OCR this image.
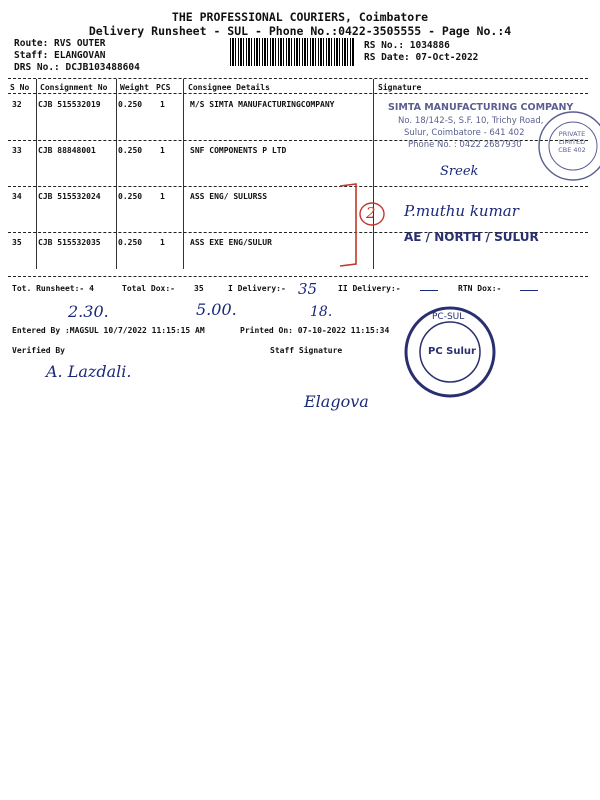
THE PROFESSIONAL COURIERS, Coimbatore
Delivery Runsheet - SUL - Phone No.:0422-3505555 - Page No.:4
Route: RVS OUTER
Staff: ELANGOVAN
DRS No.: DCJB103488604
RS No.: 1034886
RS Date: 07-Oct-2022
S No Consignment No Weight PCS Consignee Details	Signature
32 CJB 515532019 0.250 1	M/S SIMTA MANUFACTURINGCOMPANY
33 CJB 88848001	0.250 1	SNF COMPONENTS P LTD
34 CJB 515532024 0.250 1	ASS ENG/ SULURSS
35 CJB 515532035 0.250 1	ASS EXE ENG/SULUR
2
SIMTA MANUFACTURING COMPANY
No. 18/142-S, S.F. 10, Trichy Road,
Sulur, Coimbatore - 641 402
Phone No. : 0422 2687930
PRIVATE LIMITED CBE 402
Sreek
P.muthu kumar
AE / NORTH / SULUR
Tot. Runsheet:- 4	Total Dox:- 35	I Delivery:- 35	II Delivery:-	RTN Dox:-
2.30.	5.00.	18.
Entered By :MAGSUL 10/7/2022 11:15:15 AM	Printed On: 07-10-2022 11:15:34
PC-SUL
PC Sulur
Verified By	Staff Signature
A. Lazdali.
Elagova
